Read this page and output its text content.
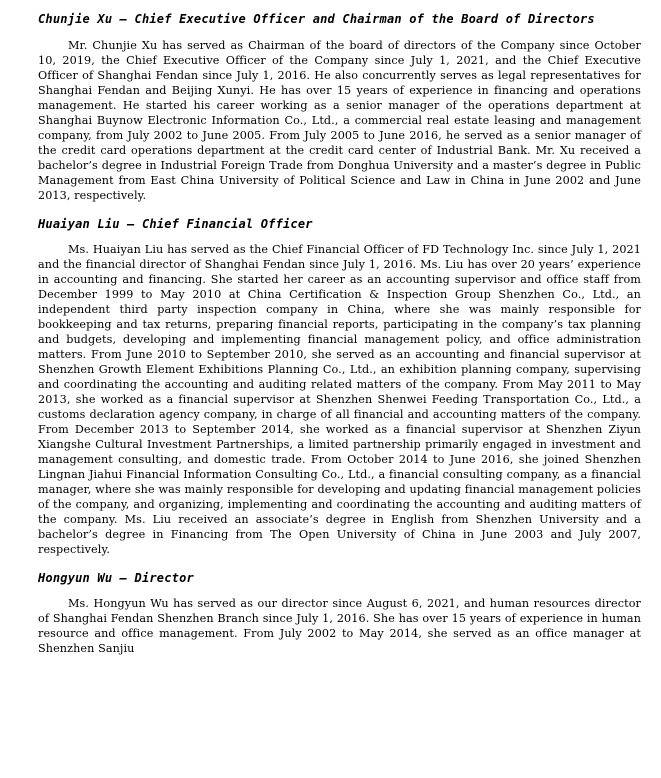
Chunjie Xu — Chief Executive Officer and Chairman of the Board of Directors

Mr. Chunjie Xu has served as Chairman of the board of directors of the Company since October 10, 2019, the Chief Executive Officer of the Company since July 1, 2021, and the Chief Executive Officer of Shanghai Fendan since July 1, 2016. He also concurrently serves as legal representatives for Shanghai Fendan and Beijing Xunyi. He has over 15 years of experience in financing and operations management. He started his career working as a senior manager of the operations department at Shanghai Buynow Electronic Information Co., Ltd., a commercial real estate leasing and management company, from July 2002 to June 2005. From July 2005 to June 2016, he served as a senior manager of the credit card operations department at the credit card center of Industrial Bank. Mr. Xu received a bachelor’s degree in Industrial Foreign Trade from Donghua University and a master’s degree in Public Management from East China University of Political Science and Law in China in June 2002 and June 2013, respectively.

Huaiyan Liu — Chief Financial Officer

Ms. Huaiyan Liu has served as the Chief Financial Officer of FD Technology Inc. since July 1, 2021 and the financial director of Shanghai Fendan since July 1, 2016. Ms. Liu has over 20 years’ experience in accounting and financing. She started her career as an accounting supervisor and office staff from December 1999 to May 2010 at China Certification & Inspection Group Shenzhen Co., Ltd., an independent third party inspection company in China, where she was mainly responsible for bookkeeping and tax returns, preparing financial reports, participating in the company’s tax planning and budgets, developing and implementing financial management policy, and office administration matters. From June 2010 to September 2010, she served as an accounting and financial supervisor at Shenzhen Growth Element Exhibitions Planning Co., Ltd., an exhibition planning company, supervising and coordinating the accounting and auditing related matters of the company. From May 2011 to May 2013, she worked as a financial supervisor at Shenzhen Shenwei Feeding Transportation Co., Ltd., a customs declaration agency company, in charge of all financial and accounting matters of the company. From December 2013 to September 2014, she worked as a financial supervisor at Shenzhen Ziyun Xiangshe Cultural Investment Partnerships, a limited partnership primarily engaged in investment and management consulting, and domestic trade. From October 2014 to June 2016, she joined Shenzhen Lingnan Jiahui Financial Information Consulting Co., Ltd., a financial consulting company, as a financial manager, where she was mainly responsible for developing and updating financial management policies of the company, and organizing, implementing and coordinating the accounting and auditing matters of the company. Ms. Liu received an associate’s degree in English from Shenzhen University and a bachelor’s degree in Financing from The Open University of China in June 2003 and July 2007, respectively.

Hongyun Wu — Director

Ms. Hongyun Wu has served as our director since August 6, 2021, and human resources director of Shanghai Fendan Shenzhen Branch since July 1, 2016. She has over 15 years of experience in human resource and office management. From July 2002 to May 2014, she served as an office manager at Shenzhen Sanjiu
